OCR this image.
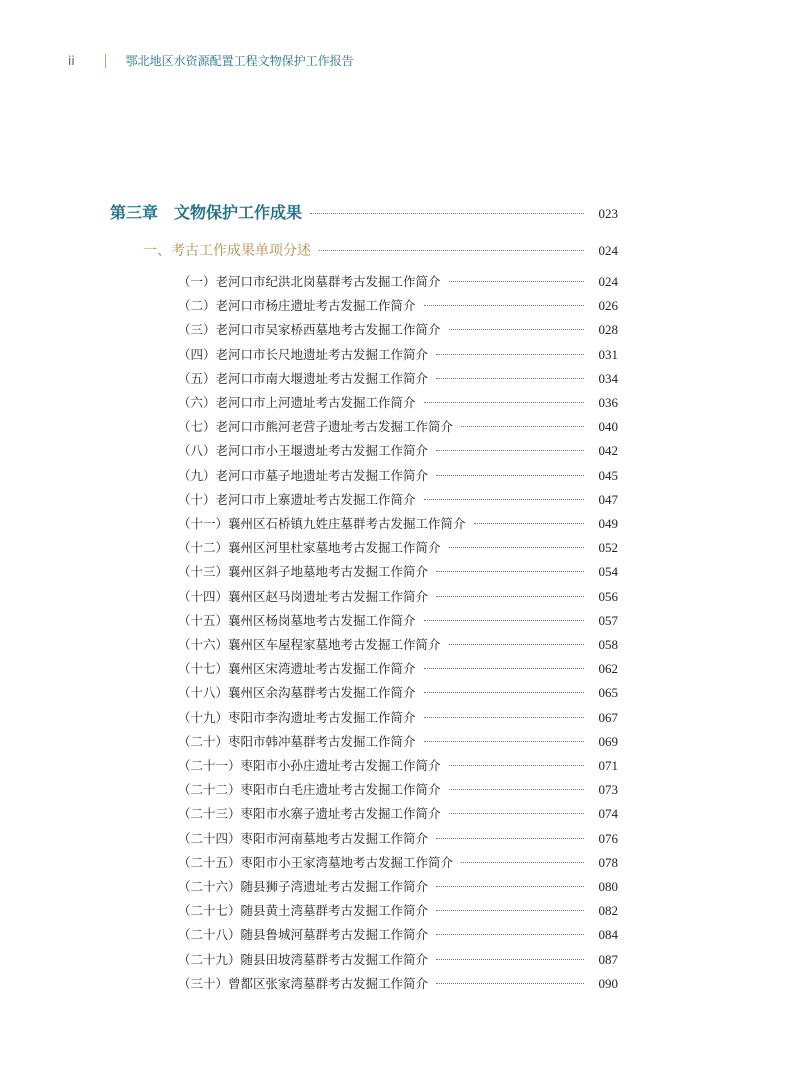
ii	鄂北地区水资源配置工程文物保护工作报告
第三章 文物保护工作成果	023
一、考古工作成果单项分述	024
（一）老河口市纪洪北岗墓群考古发掘工作简介	024
（二）老河口市杨庄遗址考古发掘工作简介	026
（三）老河口市吴家桥西墓地考古发掘工作简介	028
（四）老河口市长尺地遗址考古发掘工作简介	031
（五）老河口市南大堰遗址考古发掘工作简介	034
（六）老河口市上河遗址考古发掘工作简介	036
（七）老河口市熊河老营子遗址考古发掘工作简介	040
（八）老河口市小王堰遗址考古发掘工作简介	042
（九）老河口市墓子地遗址考古发掘工作简介	045
（十）老河口市上寨遗址考古发掘工作简介	047
（十一）襄州区石桥镇九姓庄墓群考古发掘工作简介	049
（十二）襄州区河里杜家墓地考古发掘工作简介	052
（十三）襄州区斜子地墓地考古发掘工作简介	054
（十四）襄州区赵马岗遗址考古发掘工作简介	056
（十五）襄州区杨岗墓地考古发掘工作简介	057
（十六）襄州区车屋程家墓地考古发掘工作简介	058
（十七）襄州区宋湾遗址考古发掘工作简介	062
（十八）襄州区余沟墓群考古发掘工作简介	065
（十九）枣阳市李沟遗址考古发掘工作简介	067
（二十）枣阳市韩冲墓群考古发掘工作简介	069
（二十一）枣阳市小孙庄遗址考古发掘工作简介	071
（二十二）枣阳市白毛庄遗址考古发掘工作简介	073
（二十三）枣阳市水寨子遗址考古发掘工作简介	074
（二十四）枣阳市河南墓地考古发掘工作简介	076
（二十五）枣阳市小王家湾墓地考古发掘工作简介	078
（二十六）随县狮子湾遗址考古发掘工作简介	080
（二十七）随县黄土湾墓群考古发掘工作简介	082
（二十八）随县鲁城河墓群考古发掘工作简介	084
（二十九）随县田坡湾墓群考古发掘工作简介	087
（三十）曾都区张家湾墓群考古发掘工作简介	090
